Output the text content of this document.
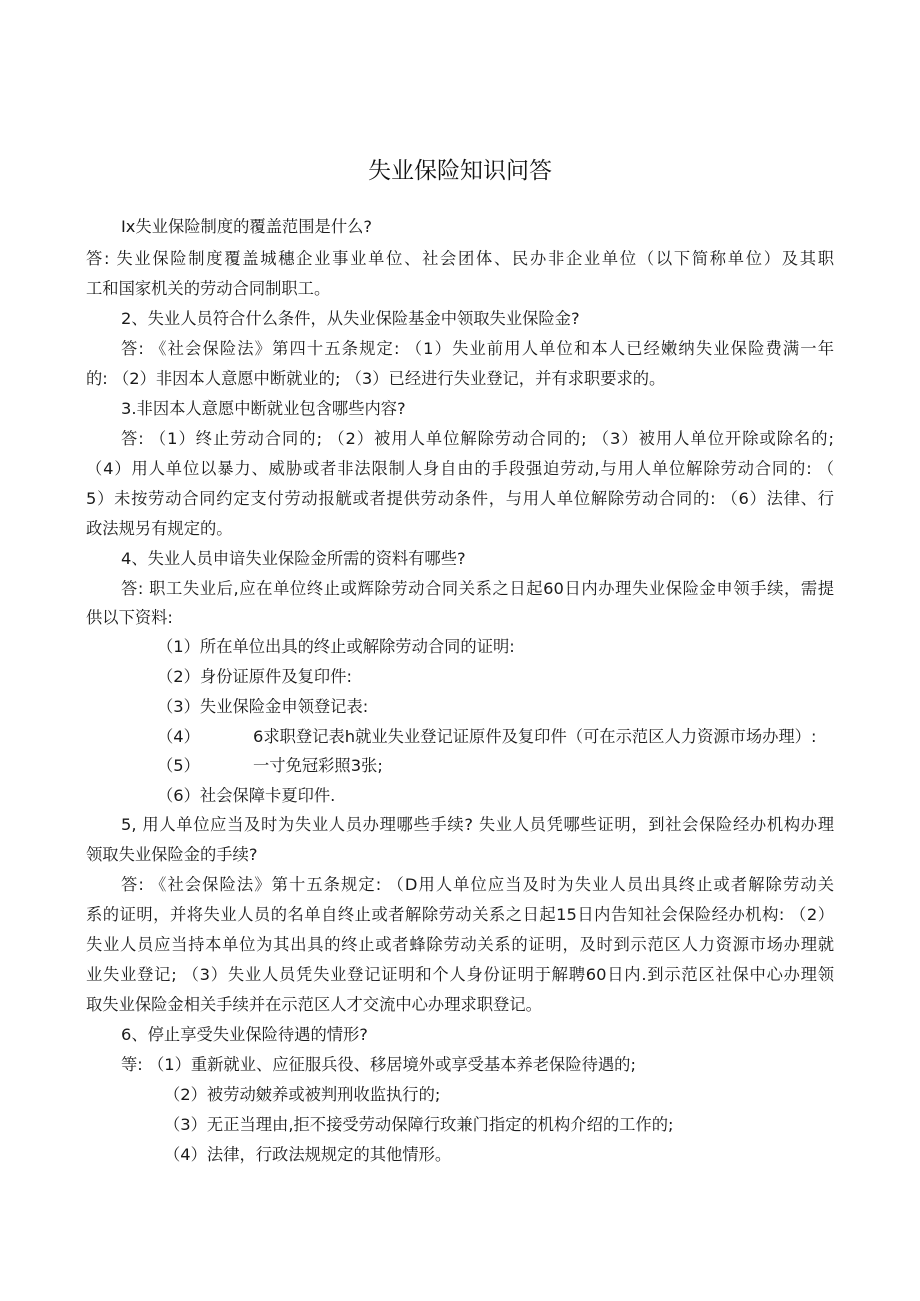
失业保险知识问答

Ix失业保险制度的覆盖范围是什么?

答: 失业保险制度覆盖城穗企业事业单位、社会团体、民办非企业单位（以下简称单位）及其职

工和国家机关的劳动合同制职工。

2、失业人员符合什么条件，从失业保险基金中领取失业保险金?

答: 《社会保险法》第四十五条规定: （1）失业前用人单位和本人已经嫩纳失业保险费满一年

的: （2）非因本人意愿中断就业的; （3）已经进行失业登记，并有求职要求的。

3.非因本人意愿中断就业包含哪些内容?

答: （1）终止劳动合同的; （2）被用人单位解除劳动合同的; （3）被用人单位开除或除名的;

（4）用人单位以暴力、威胁或者非法限制人身自由的手段强迫劳动,与用人单位解除劳动合同的: （

5）未按劳动合同约定支付劳动报觥或者提供劳动条件，与用人单位解除劳动合同的: （6）法律、行

政法规另有规定的。

4、失业人员申谙失业保险金所需的资料有哪些?

答: 职工失业后,应在单位终止或辉除劳动合同关系之日起60日内办理失业保险金申领手续，需提

供以下资料:

（1）所在单位出具的终止或解除劳动合同的证明:

（2）身份证原件及复印件:

（3）失业保险金申领登记表:

（4）	6求职登记表h就业失业登记证原件及复印件（可在示范区人力资源市场办理）:

（5）	一寸免冠彩照3张;

（6）社会保障卡夏印件.

5, 用人单位应当及时为失业人员办理哪些手续? 失业人员凭哪些证明，到社会保险经办机构办理

领取失业保险金的手续?

答: 《社会保险法》第十五条规定: （D用人单位应当及时为失业人员出具终止或者解除劳动关

系的证明，并将失业人员的名单自终止或者解除劳动关系之日起15日内告知社会保险经办机构: （2）

失业人员应当持本单位为其出具的终止或者蜂除劳动关系的证明，及时到示范区人力资源市场办理就

业失业登记; （3）失业人员凭失业登记证明和个人身份证明于解聘60日内.到示范区社保中心办理领

取失业保险金相关手续并在示范区人才交流中心办理求职登记。

6、停止享受失业保险待遇的情形?

等: （1）重新就业、应征服兵役、移居境外或享受基本养老保险待遇的;

（2）被劳动皴养或被判刑收监执行的;

（3）无正当理由,拒不接受劳动保障行玫兼门指定的机构介绍的工作的;

（4）法律，行政法规规定的其他情形。
